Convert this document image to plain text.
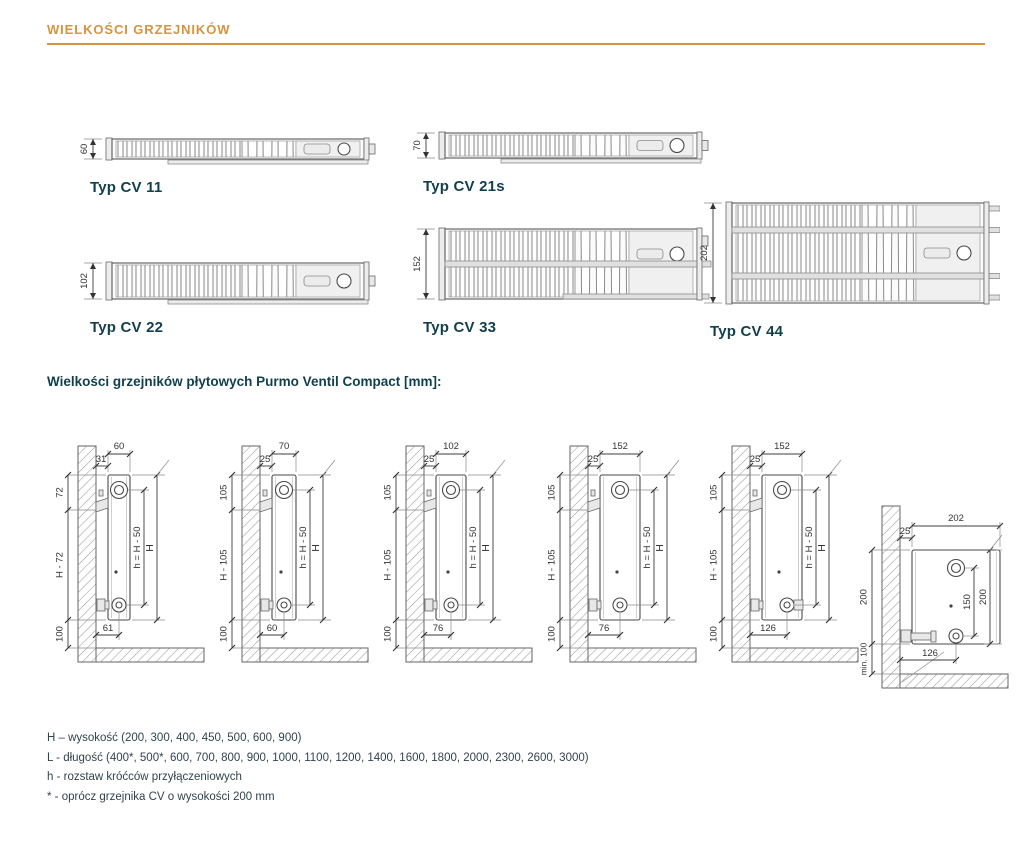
WIELKOŚCI GRZEJNIKÓW
60
Typ CV 11
70
Typ CV 21s
102
Typ CV 22
152
Typ CV 33
202
Typ CV 44
Wielkości grzejników płytowych Purmo Ventil Compact [mm]:
72
H - 72
100
60
31
h = H - 50 H
61
105
H - 105
100
70
25
h = H - 50 H
60
105
H - 105
100
102
25
h = H - 50 H
76
105
H - 105
100
152
25
h = H - 50 H
76
105
H - 105
100
152
25
h = H - 50 H
126
200
min. 100
202
25
150 200
126
H – wysokość (200, 300, 400, 450, 500, 600, 900)
L - długość (400*, 500*, 600, 700, 800, 900, 1000, 1100, 1200, 1400, 1600, 1800, 2000, 2300, 2600, 3000)
h - rozstaw króćców przyłączeniowych
* - oprócz grzejnika CV o wysokości 200 mm
